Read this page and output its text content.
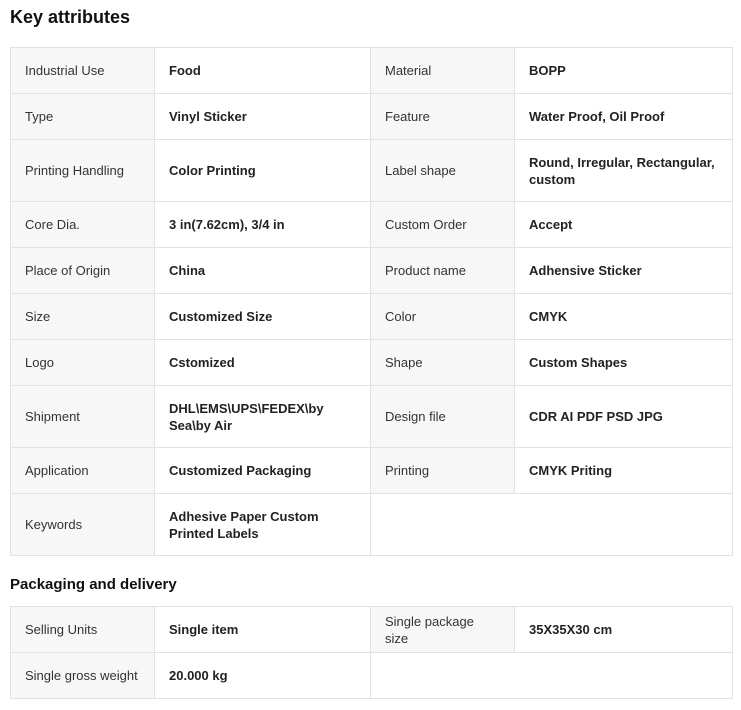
Key attributes
Industrial Use	Food	Material	BOPP
Type	Vinyl Sticker	Feature	Water Proof, Oil Proof
Printing Handling	Color Printing	Label shape	Round, Irregular, Rectangular, custom
Core Dia.	3 in(7.62cm), 3/4 in	Custom Order	Accept
Place of Origin	China	Product name	Adhensive Sticker
Size	Customized Size	Color	CMYK
Logo	Cstomized	Shape	Custom Shapes
Shipment	DHL\EMS\UPS\FEDEX\by Sea\by Air	Design file	CDR AI PDF PSD JPG
Application	Customized Packaging	Printing	CMYK Priting
Keywords	Adhesive Paper Custom Printed Labels		
Packaging and delivery
Selling Units	Single item	Single package size	35X35X30 cm
Single gross weight	20.000 kg		
